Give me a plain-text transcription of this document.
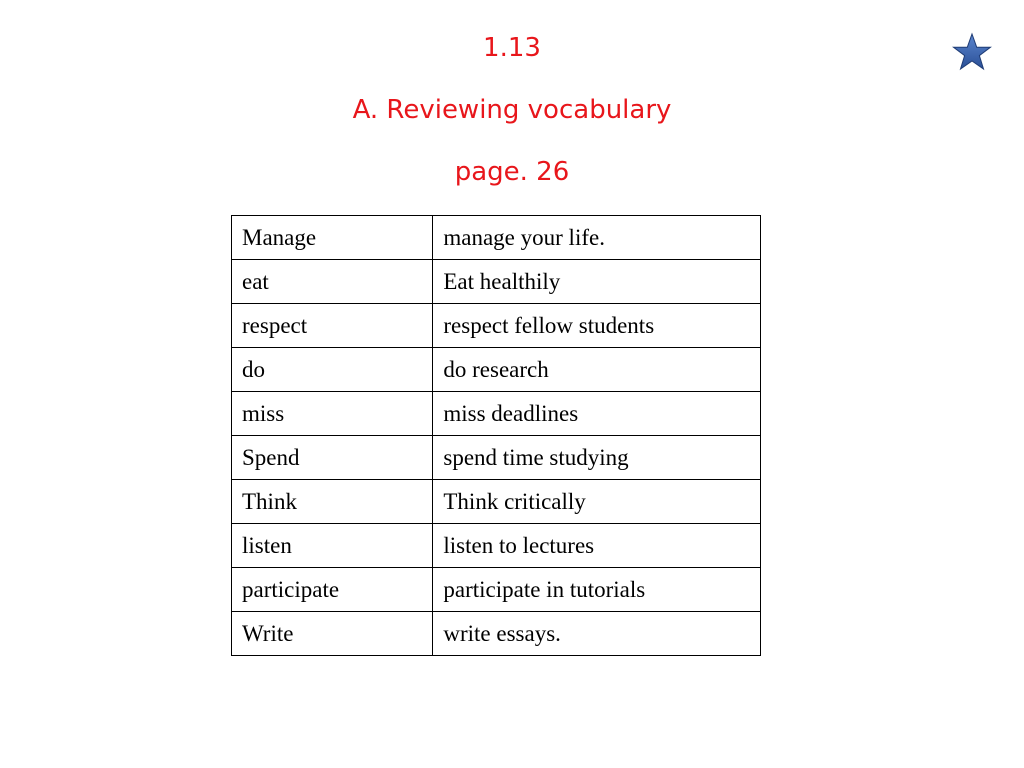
1.13
A. Reviewing vocabulary
page. 26
Manage	manage your life.
eat	Eat healthily
respect	respect fellow students
do	do research
miss	miss deadlines
Spend	spend time studying
Think	Think critically
listen	listen to lectures
participate	participate in tutorials
Write	write essays.
